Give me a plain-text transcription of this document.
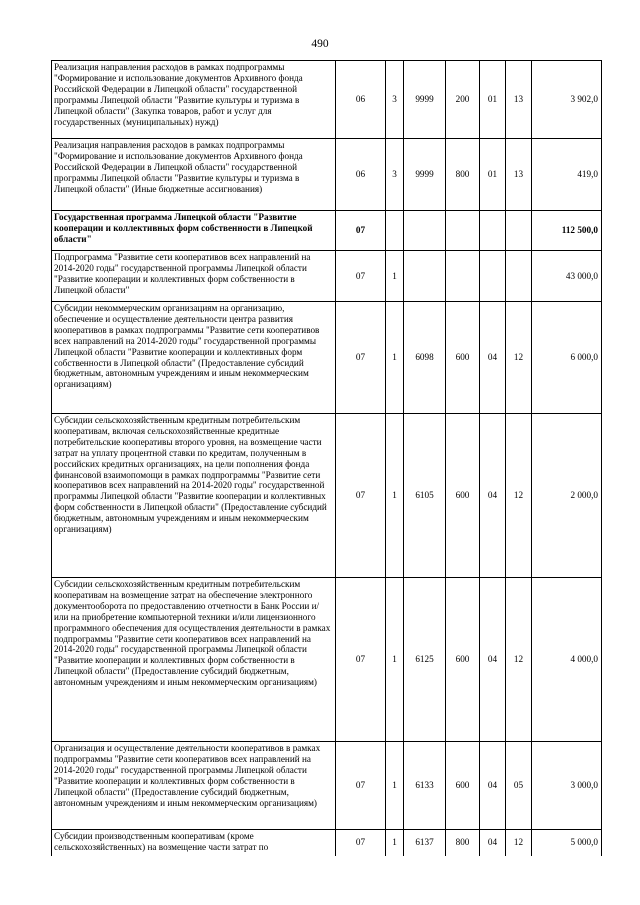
490
Реализация направления расходов в рамках подпрограммы "Формирование и использование документов Архивного фонда Российской Федерации в Липецкой области" государственной программы Липецкой области "Развитие культуры и туризма в Липецкой области" (Закупка товаров, работ и услуг для государственных (муниципальных) нужд)	06	3	9999	200	01	13	3 902,0
Реализация направления расходов в рамках подпрограммы "Формирование и использование документов Архивного фонда Российской Федерации в Липецкой области" государственной программы Липецкой области "Развитие культуры и туризма в Липецкой области" (Иные бюджетные ассигнования)	06	3	9999	800	01	13	419,0
Государственная программа Липецкой области "Развитие кооперации и коллективных форм собственности в Липецкой области"	07						112 500,0
Подпрограмма "Развитие сети кооперативов всех направлений на 2014-2020 годы" государственной программы Липецкой области "Развитие кооперации и коллективных форм собственности в Липецкой области"	07	1					43 000,0
Субсидии некоммерческим организациям на организацию, обеспечение и осуществление деятельности центра развития кооперативов в рамках подпрограммы "Развитие сети кооперативов всех направлений на 2014-2020 годы" государственной программы Липецкой области "Развитие кооперации и коллективных форм собственности в Липецкой области" (Предоставление субсидий бюджетным, автономным учреждениям и иным некоммерческим организациям)	07	1	6098	600	04	12	6 000,0
Субсидии сельскохозяйственным кредитным потребительским кооперативам, включая сельскохозяйственные кредитные потребительские кооперативы второго уровня, на возмещение части затрат на уплату процентной ставки по кредитам, полученным в российских кредитных организациях, на цели пополнения фонда финансовой взаимопомощи в рамках подпрограммы "Развитие сети кооперативов всех направлений на 2014-2020 годы" государственной программы Липецкой области "Развитие кооперации и коллективных форм собственности в Липецкой области" (Предоставление субсидий бюджетным, автономным учреждениям и иным некоммерческим организациям)	07	1	6105	600	04	12	2 000,0
Субсидии сельскохозяйственным кредитным потребительским кооперативам на возмещение затрат на обеспечение электронного документооборота по предоставлению отчетности в Банк России и/или на приобретение компьютерной техники и/или лицензионного программного обеспечения для осуществления деятельности в рамках подпрограммы "Развитие сети кооперативов всех направлений на 2014-2020 годы" государственной программы Липецкой области "Развитие кооперации и коллективных форм собственности в Липецкой области" (Предоставление субсидий бюджетным, автономным учреждениям и иным некоммерческим организациям)	07	1	6125	600	04	12	4 000,0
Организация и осуществление деятельности кооперативов в рамках подпрограммы "Развитие сети кооперативов всех направлений на 2014-2020 годы" государственной программы Липецкой области "Развитие кооперации и коллективных форм собственности в Липецкой области" (Предоставление субсидий бюджетным, автономным учреждениям и иным некоммерческим организациям)	07	1	6133	600	04	05	3 000,0
Субсидии производственным кооперативам (кроме сельскохозяйственных) на возмещение части затрат по	07	1	6137	800	04	12	5 000,0
